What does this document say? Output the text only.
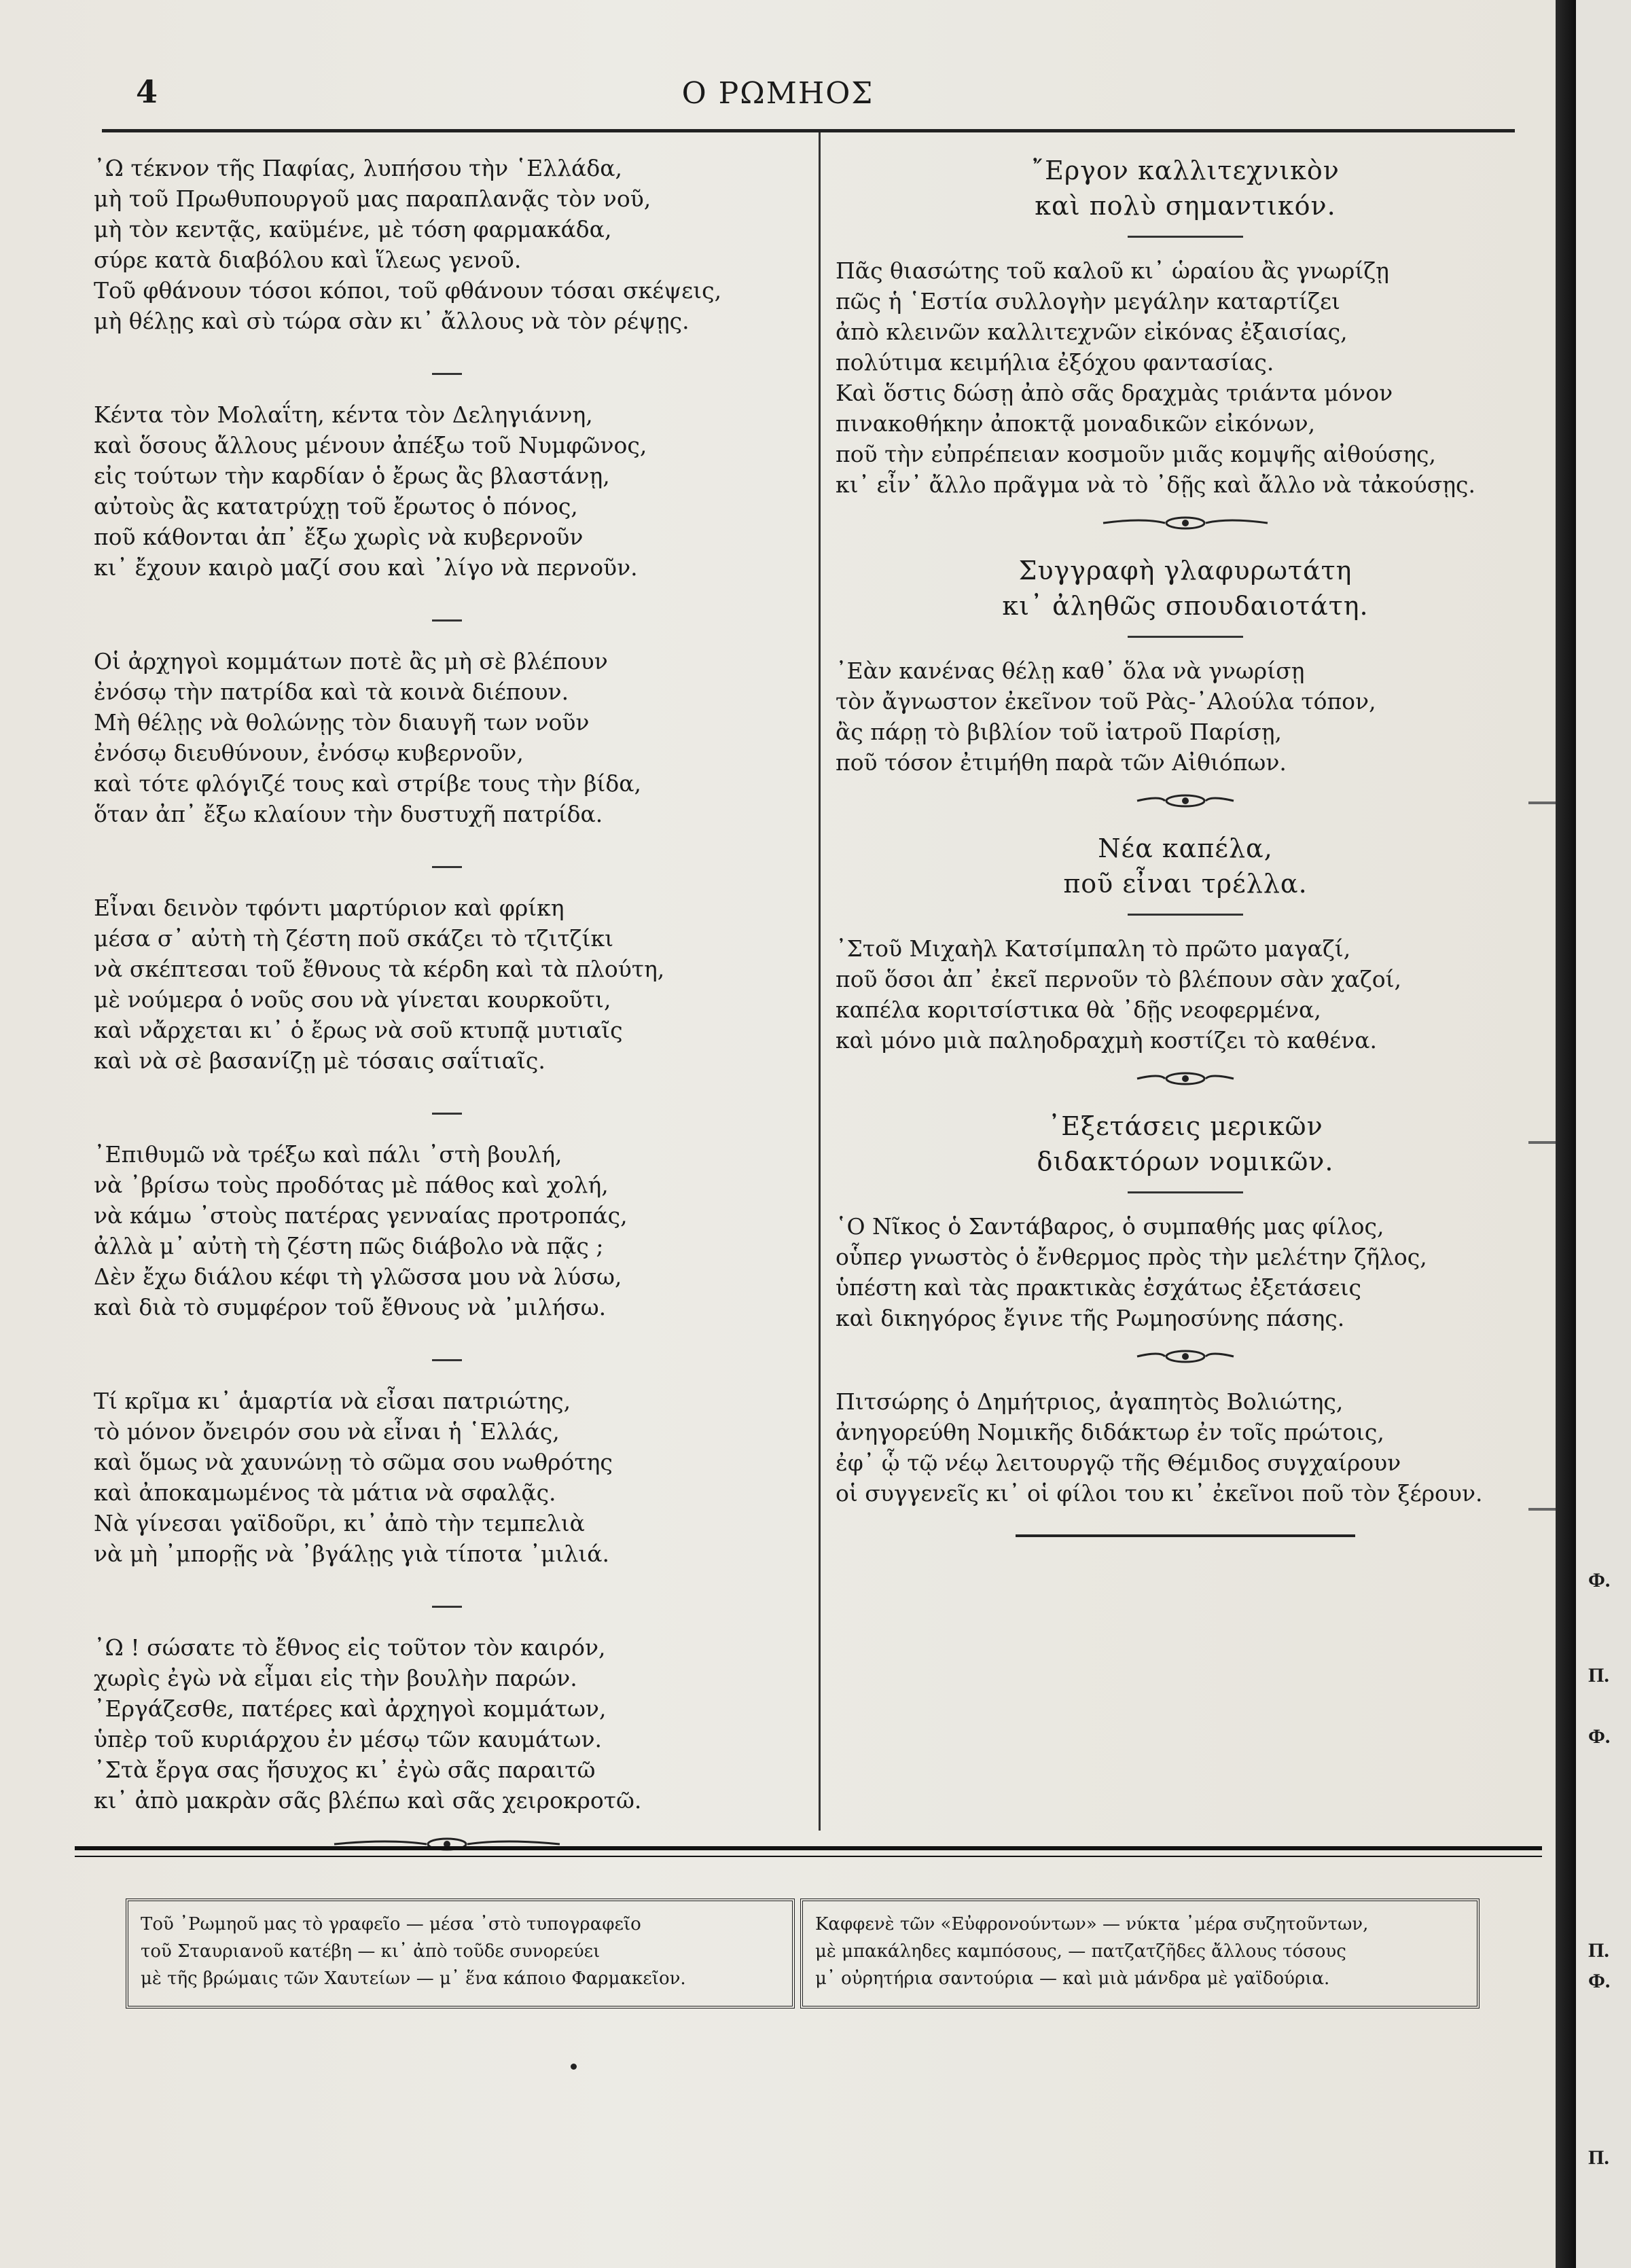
4	Ο ΡΩΜΗΟΣ

᾿Ω τέκνον τῆς Παφίας, λυπήσου τὴν ῾Ελλάδα,

μὴ τοῦ Πρωθυπουργοῦ μας παραπλανᾷς τὸν νοῦ,

μὴ τὸν κεντᾷς, καϋμένε, μὲ τόση φαρμακάδα,

σύρε κατὰ διαβόλου καὶ ἵλεως γενοῦ.

Τοῦ φθάνουν τόσοι κόποι, τοῦ φθάνουν τόσαι σκέψεις,

μὴ θέλῃς καὶ σὺ τώρα σὰν κι᾿ ἄλλους νὰ τὸν ρέψῃς.

Κέντα τὸν Μολαΐτη, κέντα τὸν Δεληγιάννη,

καὶ ὅσους ἄλλους μένουν ἀπέξω τοῦ Νυμφῶνος,

εἰς τούτων τὴν καρδίαν ὁ ἔρως ἂς βλαστάνῃ,

αὐτοὺς ἂς κατατρύχῃ τοῦ ἔρωτος ὁ πόνος,

ποῦ κάθονται ἀπ᾿ ἔξω χωρὶς νὰ κυβερνοῦν

κι᾿ ἔχουν καιρὸ μαζί σου καὶ ᾿λίγο νὰ περνοῦν.

Οἱ ἀρχηγοὶ κομμάτων ποτὲ ἂς μὴ σὲ βλέπουν

ἐνόσῳ τὴν πατρίδα καὶ τὰ κοινὰ διέπουν.

Μὴ θέλῃς νὰ θολώνῃς τὸν διαυγῆ των νοῦν

ἐνόσῳ διευθύνουν, ἐνόσῳ κυβερνοῦν,

καὶ τότε φλόγιζέ τους καὶ στρίβε τους τὴν βίδα,

ὅταν ἀπ᾿ ἔξω κλαίουν τὴν δυστυχῆ πατρίδα.

Εἶναι δεινὸν τφόντι μαρτύριον καὶ φρίκη

μέσα σ᾿ αὐτὴ τὴ ζέστη ποῦ σκάζει τὸ τζιτζίκι

νὰ σκέπτεσαι τοῦ ἔθνους τὰ κέρδη καὶ τὰ πλούτη,

μὲ νούμερα ὁ νοῦς σου νὰ γίνεται κουρκοῦτι,

καὶ νἄρχεται κι᾿ ὁ ἔρως νὰ σοῦ κτυπᾷ μυτιαῖς

καὶ νὰ σὲ βασανίζῃ μὲ τόσαις σαΐτιαῖς.

᾿Επιθυμῶ νὰ τρέξω καὶ πάλι ᾿στὴ βουλή,

νὰ ᾿βρίσω τοὺς προδότας μὲ πάθος καὶ χολή,

νὰ κάμω ᾿στοὺς πατέρας γενναίας προτροπάς,

ἀλλὰ μ᾿ αὐτὴ τὴ ζέστη πῶς διάβολο νὰ πᾷς ;

Δὲν ἔχω διάλου κέφι τὴ γλῶσσα μου νὰ λύσω,

καὶ διὰ τὸ συμφέρον τοῦ ἔθνους νὰ ᾿μιλήσω.

Τί κρῖμα κι᾿ ἁμαρτία νὰ εἶσαι πατριώτης,

τὸ μόνον ὄνειρόν σου νὰ εἶναι ἡ ῾Ελλάς,

καὶ ὅμως νὰ χαυνώνῃ τὸ σῶμα σου νωθρότης

καὶ ἀποκαμωμένος τὰ μάτια νὰ σφαλᾷς.

Νὰ γίνεσαι γαϊδοῦρι, κι᾿ ἀπὸ τὴν τεμπελιὰ

νὰ μὴ ᾿μπορῇς νὰ ᾿βγάλῃς γιὰ τίποτα ᾿μιλιά.

᾿Ω ! σώσατε τὸ ἔθνος εἰς τοῦτον τὸν καιρόν,

χωρὶς ἐγὼ νὰ εἶμαι εἰς τὴν βουλὴν παρών.

᾿Εργάζεσθε, πατέρες καὶ ἀρχηγοὶ κομμάτων,

ὑπὲρ τοῦ κυριάρχου ἐν μέσῳ τῶν καυμάτων.

᾿Στὰ ἔργα σας ἥσυχος κι᾿ ἐγὼ σᾶς παραιτῶ

κι᾿ ἀπὸ μακρὰν σᾶς βλέπω καὶ σᾶς χειροκροτῶ.

῎Εργον καλλιτεχνικὸν

καὶ πολὺ σημαντικόν.

Πᾶς θιασώτης τοῦ καλοῦ κι᾿ ὡραίου ἂς γνωρίζῃ

πῶς ἡ ῾Εστία συλλογὴν μεγάλην καταρτίζει

ἀπὸ κλεινῶν καλλιτεχνῶν εἰκόνας ἐξαισίας,

πολύτιμα κειμήλια ἐξόχου φαντασίας.

Καὶ ὅστις δώσῃ ἀπὸ σᾶς δραχμὰς τριάντα μόνον

πινακοθήκην ἀποκτᾷ μοναδικῶν εἰκόνων,

ποῦ τὴν εὐπρέπειαν κοσμοῦν μιᾶς κομψῆς αἰθούσης,

κι᾿ εἶν᾿ ἄλλο πρᾶγμα νὰ τὸ ᾿δῇς καὶ ἄλλο νὰ τἀκούσῃς.

Συγγραφὴ γλαφυρωτάτη

κι᾿ ἀληθῶς σπουδαιοτάτη.

᾿Εὰν κανένας θέλῃ καθ᾿ ὅλα νὰ γνωρίσῃ

τὸν ἄγνωστον ἐκεῖνον τοῦ Ρὰς-᾿Αλούλα τόπον,

ἂς πάρῃ τὸ βιβλίον τοῦ ἰατροῦ Παρίσῃ,

ποῦ τόσον ἐτιμήθη παρὰ τῶν Αἰθιόπων.

Νέα καπέλα,

ποῦ εἶναι τρέλλα.

᾿Στοῦ Μιχαὴλ Κατσίμπαλη τὸ πρῶτο μαγαζί,

ποῦ ὅσοι ἀπ᾿ ἐκεῖ περνοῦν τὸ βλέπουν σὰν χαζοί,

καπέλα κοριτσίστικα θὰ ᾿δῇς νεοφερμένα,

καὶ μόνο μιὰ παληοδραχμὴ κοστίζει τὸ καθένα.

᾿Εξετάσεις μερικῶν

διδακτόρων νομικῶν.

῾Ο Νῖκος ὁ Σαντάβαρος, ὁ συμπαθής μας φίλος,

οὗπερ γνωστὸς ὁ ἔνθερμος πρὸς τὴν μελέτην ζῆλος,

ὑπέστη καὶ τὰς πρακτικὰς ἐσχάτως ἐξετάσεις

καὶ δικηγόρος ἔγινε τῆς Ρωμηοσύνης πάσης.

Πιτσώρης ὁ Δημήτριος, ἀγαπητὸς Βολιώτης,

ἀνηγορεύθη Νομικῆς διδάκτωρ ἐν τοῖς πρώτοις,

ἐφ᾿ ᾧ τῷ νέῳ λειτουργῷ τῆς Θέμιδος συγχαίρουν

οἱ συγγενεῖς κι᾿ οἱ φίλοι του κι᾿ ἐκεῖνοι ποῦ τὸν ξέρουν.

Τοῦ ᾿Ρωμηοῦ μας τὸ γραφεῖο — μέσα ᾿στὸ τυπογραφεῖο

τοῦ Σταυριανοῦ κατέβη — κι᾿ ἀπὸ τοῦδε συνορεύει

μὲ τῆς βρώμαις τῶν Χαυτείων — μ᾿ ἕνα κάποιο Φαρμακεῖον.

Καφφενὲ τῶν «Εὐφρονούντων» — νύκτα ᾿μέρα συζητοῦντων,

μὲ μπακάληδες καμπόσους, — πατζατζῆδες ἄλλους τόσους

μ᾿ οὐρητήρια σαντούρια — καὶ μιὰ μάνδρα μὲ γαϊδούρια.

Φ.
Π.
Φ.
Π.
Φ.
Π.
